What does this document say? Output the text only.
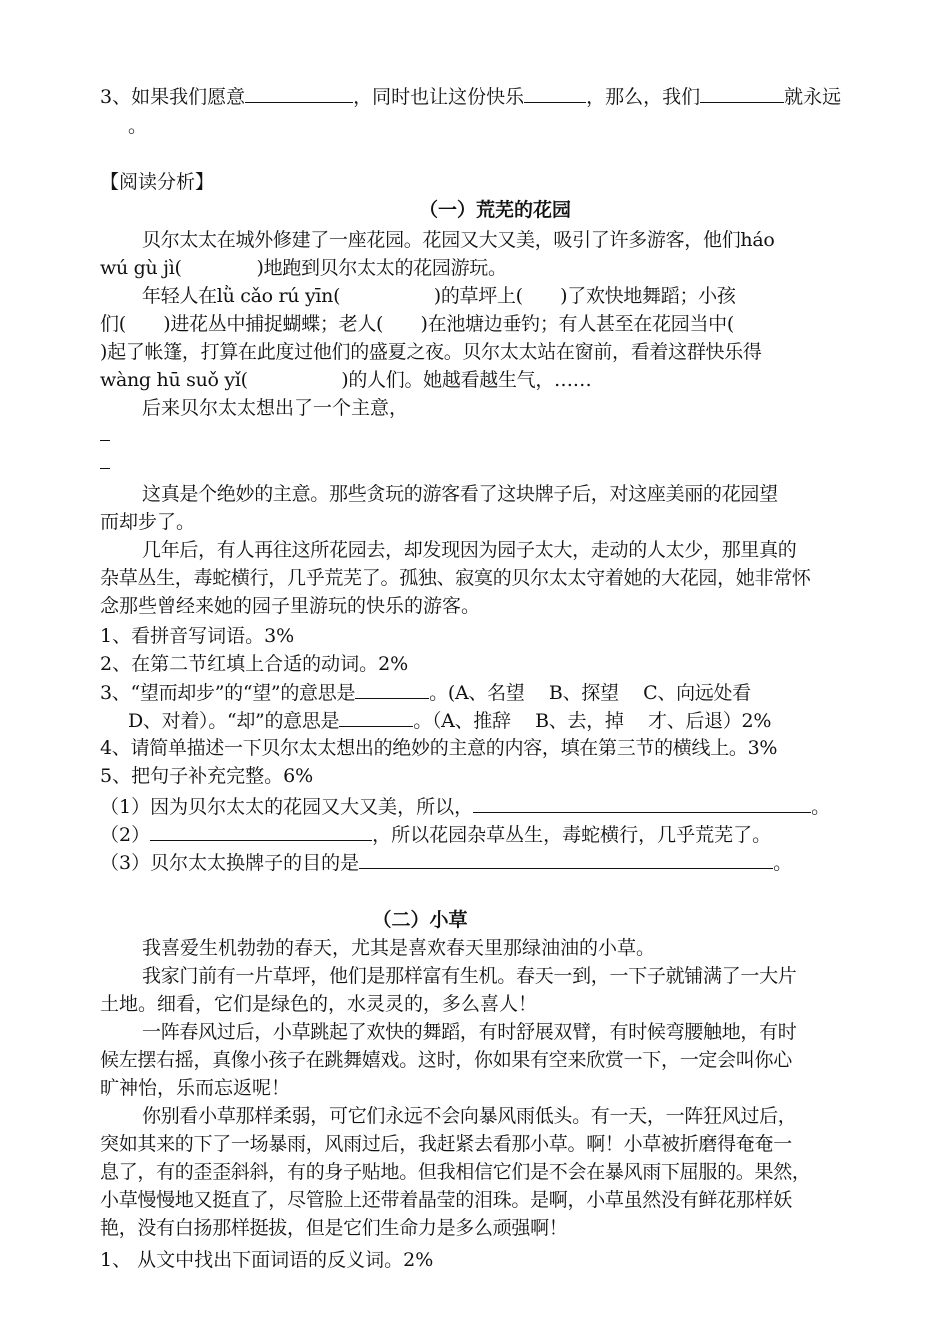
3、如果我们愿意	，同时也让这份快乐	，那么，我们	就永远
。
【阅读分析】
（一）荒芜的花园
贝尔太太在城外修建了一座花园。花园又大又美，吸引了许多游客，他们háo
wú gù jì(　　　　)地跑到贝尔太太的花园游玩。
年轻人在lǜ cǎo rú yīn(　　　　　)的草坪上(　　)了欢快地舞蹈；小孩
们(　　)进花丛中捕捉蝴蝶；老人(　　)在池塘边垂钓；有人甚至在花园当中(
)起了帐篷，打算在此度过他们的盛夏之夜。贝尔太太站在窗前，看着这群快乐得
wàng hū suǒ yǐ(　　　　　)的人们。她越看越生气，……
后来贝尔太太想出了一个主意，
这真是个绝妙的主意。那些贪玩的游客看了这块牌子后，对这座美丽的花园望
而却步了。
几年后，有人再往这所花园去，却发现因为园子太大，走动的人太少，那里真的
杂草丛生，毒蛇横行，几乎荒芜了。孤独、寂寞的贝尔太太守着她的大花园，她非常怀
念那些曾经来她的园子里游玩的快乐的游客。
1、看拼音写词语。3%
2、在第二节红填上合适的动词。2%
3、“望而却步”的“望”的意思是	。(A、名望　 B、探望　 C、向远处看
D、对着）。“却”的意思是	。（A、推辞　 B、去，掉　 才、后退）2%
4、请简单描述一下贝尔太太想出的绝妙的主意的内容，填在第三节的横线上。3%
5、把句子补充完整。6%
（1）因为贝尔太太的花园又大又美，所以，	。
（2）	，所以花园杂草丛生，毒蛇横行，几乎荒芜了。
（3）贝尔太太换牌子的目的是	。
（二）小草
我喜爱生机勃勃的春天，尤其是喜欢春天里那绿油油的小草。
我家门前有一片草坪，他们是那样富有生机。春天一到，一下子就铺满了一大片
土地。细看，它们是绿色的，水灵灵的，多么喜人！
一阵春风过后，小草跳起了欢快的舞蹈，有时舒展双臂，有时候弯腰触地，有时
候左摆右摇，真像小孩子在跳舞嬉戏。这时，你如果有空来欣赏一下，一定会叫你心
旷神怡，乐而忘返呢！
你别看小草那样柔弱，可它们永远不会向暴风雨低头。有一天，一阵狂风过后，
突如其来的下了一场暴雨，风雨过后，我赶紧去看那小草。啊！小草被折磨得奄奄一
息了，有的歪歪斜斜，有的身子贴地。但我相信它们是不会在暴风雨下屈服的。果然，
小草慢慢地又挺直了，尽管脸上还带着晶莹的泪珠。是啊，小草虽然没有鲜花那样妖
艳，没有白扬那样挺拔，但是它们生命力是多么顽强啊！
1、 从文中找出下面词语的反义词。2%
